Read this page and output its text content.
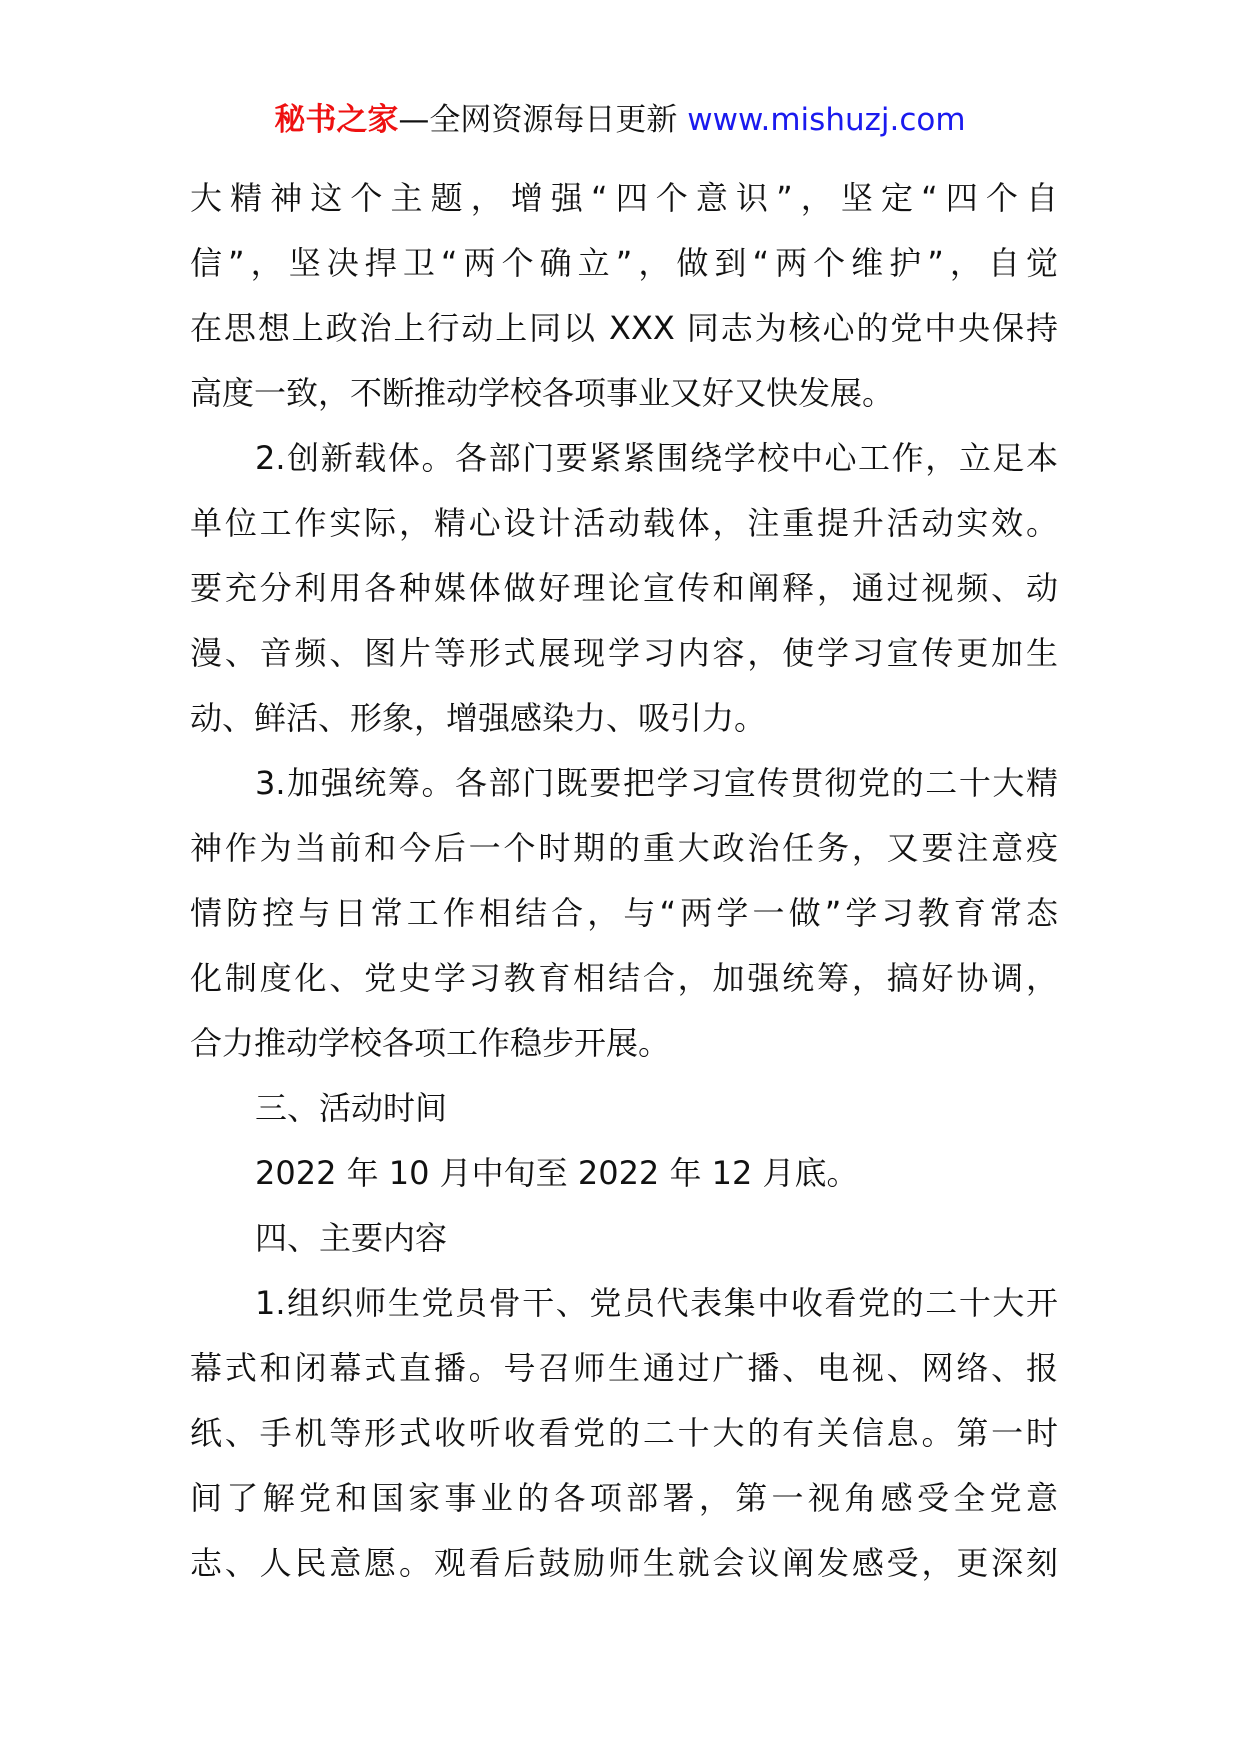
秘书之家—全网资源每日更新 www.mishuzj.com
大精神这个主题，增强“四个意识”，坚定“四个自
信”，坚决捍卫“两个确立”，做到“两个维护”，自觉
在思想上政治上行动上同以 XXX 同志为核心的党中央保持
高度一致，不断推动学校各项事业又好又快发展。
2.创新载体。各部门要紧紧围绕学校中心工作，立足本
单位工作实际，精心设计活动载体，注重提升活动实效。
要充分利用各种媒体做好理论宣传和阐释，通过视频、动
漫、音频、图片等形式展现学习内容，使学习宣传更加生
动、鲜活、形象，增强感染力、吸引力。
3.加强统筹。各部门既要把学习宣传贯彻党的二十大精
神作为当前和今后一个时期的重大政治任务，又要注意疫
情防控与日常工作相结合，与“两学一做”学习教育常态
化制度化、党史学习教育相结合，加强统筹，搞好协调，
合力推动学校各项工作稳步开展。
三、活动时间
2022 年 10 月中旬至 2022 年 12 月底。
四、主要内容
1.组织师生党员骨干、党员代表集中收看党的二十大开
幕式和闭幕式直播。号召师生通过广播、电视、网络、报
纸、手机等形式收听收看党的二十大的有关信息。第一时
间了解党和国家事业的各项部署，第一视角感受全党意
志、人民意愿。观看后鼓励师生就会议阐发感受，更深刻
